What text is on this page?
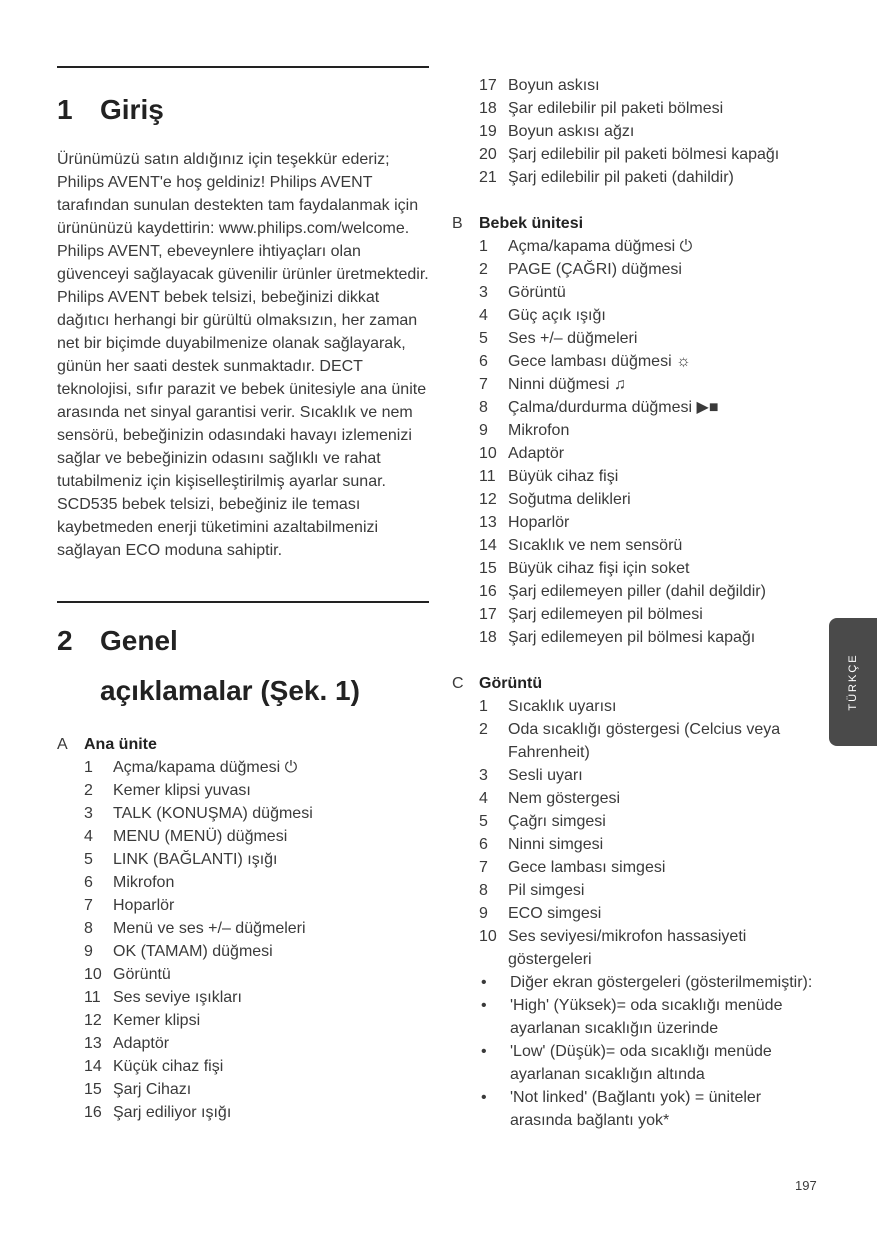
1 Giriş

Ürünümüzü satın aldığınız için teşekkür ederiz; Philips AVENT'e hoş geldiniz! Philips AVENT tarafından sunulan destekten tam faydalanmak için ürününüzü kaydettirin: www.philips.com/welcome. Philips AVENT, ebeveynlere ihtiyaçları olan güvenceyi sağlayacak güvenilir ürünler üretmektedir. Philips AVENT bebek telsizi, bebeğinizi dikkat dağıtıcı herhangi bir gürültü olmaksızın, her zaman net bir biçimde duyabilmenize olanak sağlayarak, günün her saati destek sunmaktadır. DECT teknolojisi, sıfır parazit ve bebek ünitesiyle ana ünite arasında net sinyal garantisi verir. Sıcaklık ve nem sensörü, bebeğinizin odasındaki havayı izlemenizi sağlar ve bebeğinizin odasını sağlıklı ve rahat tutabilmeniz için kişiselleştirilmiş ayarlar sunar.

SCD535 bebek telsizi, bebeğiniz ile teması kaybetmeden enerji tüketimini azaltabilmenizi sağlayan ECO moduna sahiptir.

2 Genel
açıklamalar (Şek. 1)
A	Ana ünite
1	Açma/kapama düğmesi ⏻
2	Kemer klipsi yuvası
3	TALK (KONUŞMA) düğmesi
4	MENU (MENÜ) düğmesi
5	LINK (BAĞLANTI) ışığı
6	Mikrofon
7	Hoparlör
8	Menü ve ses +/– düğmeleri
9	OK (TAMAM) düğmesi
10 Görüntü
11 Ses seviye ışıkları
12 Kemer klipsi
13 Adaptör
14 Küçük cihaz fişi
15 Şarj Cihazı
16 Şarj ediliyor ışığı
17 Boyun askısı
18 Şar edilebilir pil paketi bölmesi
19 Boyun askısı ağzı
20 Şarj edilebilir pil paketi bölmesi kapağı
21 Şarj edilebilir pil paketi (dahildir)
B	Bebek ünitesi
1	Açma/kapama düğmesi ⏻
2	PAGE (ÇAĞRI) düğmesi
3	Görüntü
4	Güç açık ışığı
5	Ses +/– düğmeleri
6	Gece lambası düğmesi ☼
7	Ninni düğmesi ♫
8	Çalma/durdurma düğmesi ▶■
9	Mikrofon
10 Adaptör
11 Büyük cihaz fişi
12 Soğutma delikleri
13 Hoparlör
14 Sıcaklık ve nem sensörü
15 Büyük cihaz fişi için soket
16 Şarj edilemeyen piller (dahil değildir)
17 Şarj edilemeyen pil bölmesi
18 Şarj edilemeyen pil bölmesi kapağı
C Görüntü
1	Sıcaklık uyarısı
2	Oda sıcaklığı göstergesi (Celcius veya Fahrenheit)
3	Sesli uyarı
4	Nem göstergesi
5	Çağrı simgesi
6	Ninni simgesi
7	Gece lambası simgesi
8	Pil simgesi
9	ECO simgesi
10 Ses seviyesi/mikrofon hassasiyeti göstergeleri
•	Diğer ekran göstergeleri (gösterilmemiştir):
•	'High' (Yüksek)= oda sıcaklığı menüde ayarlanan sıcaklığın üzerinde
•	'Low' (Düşük)= oda sıcaklığı menüde ayarlanan sıcaklığın altında
•	'Not linked' (Bağlantı yok) = üniteler arasında bağlantı yok*
TÜRKÇE
197
